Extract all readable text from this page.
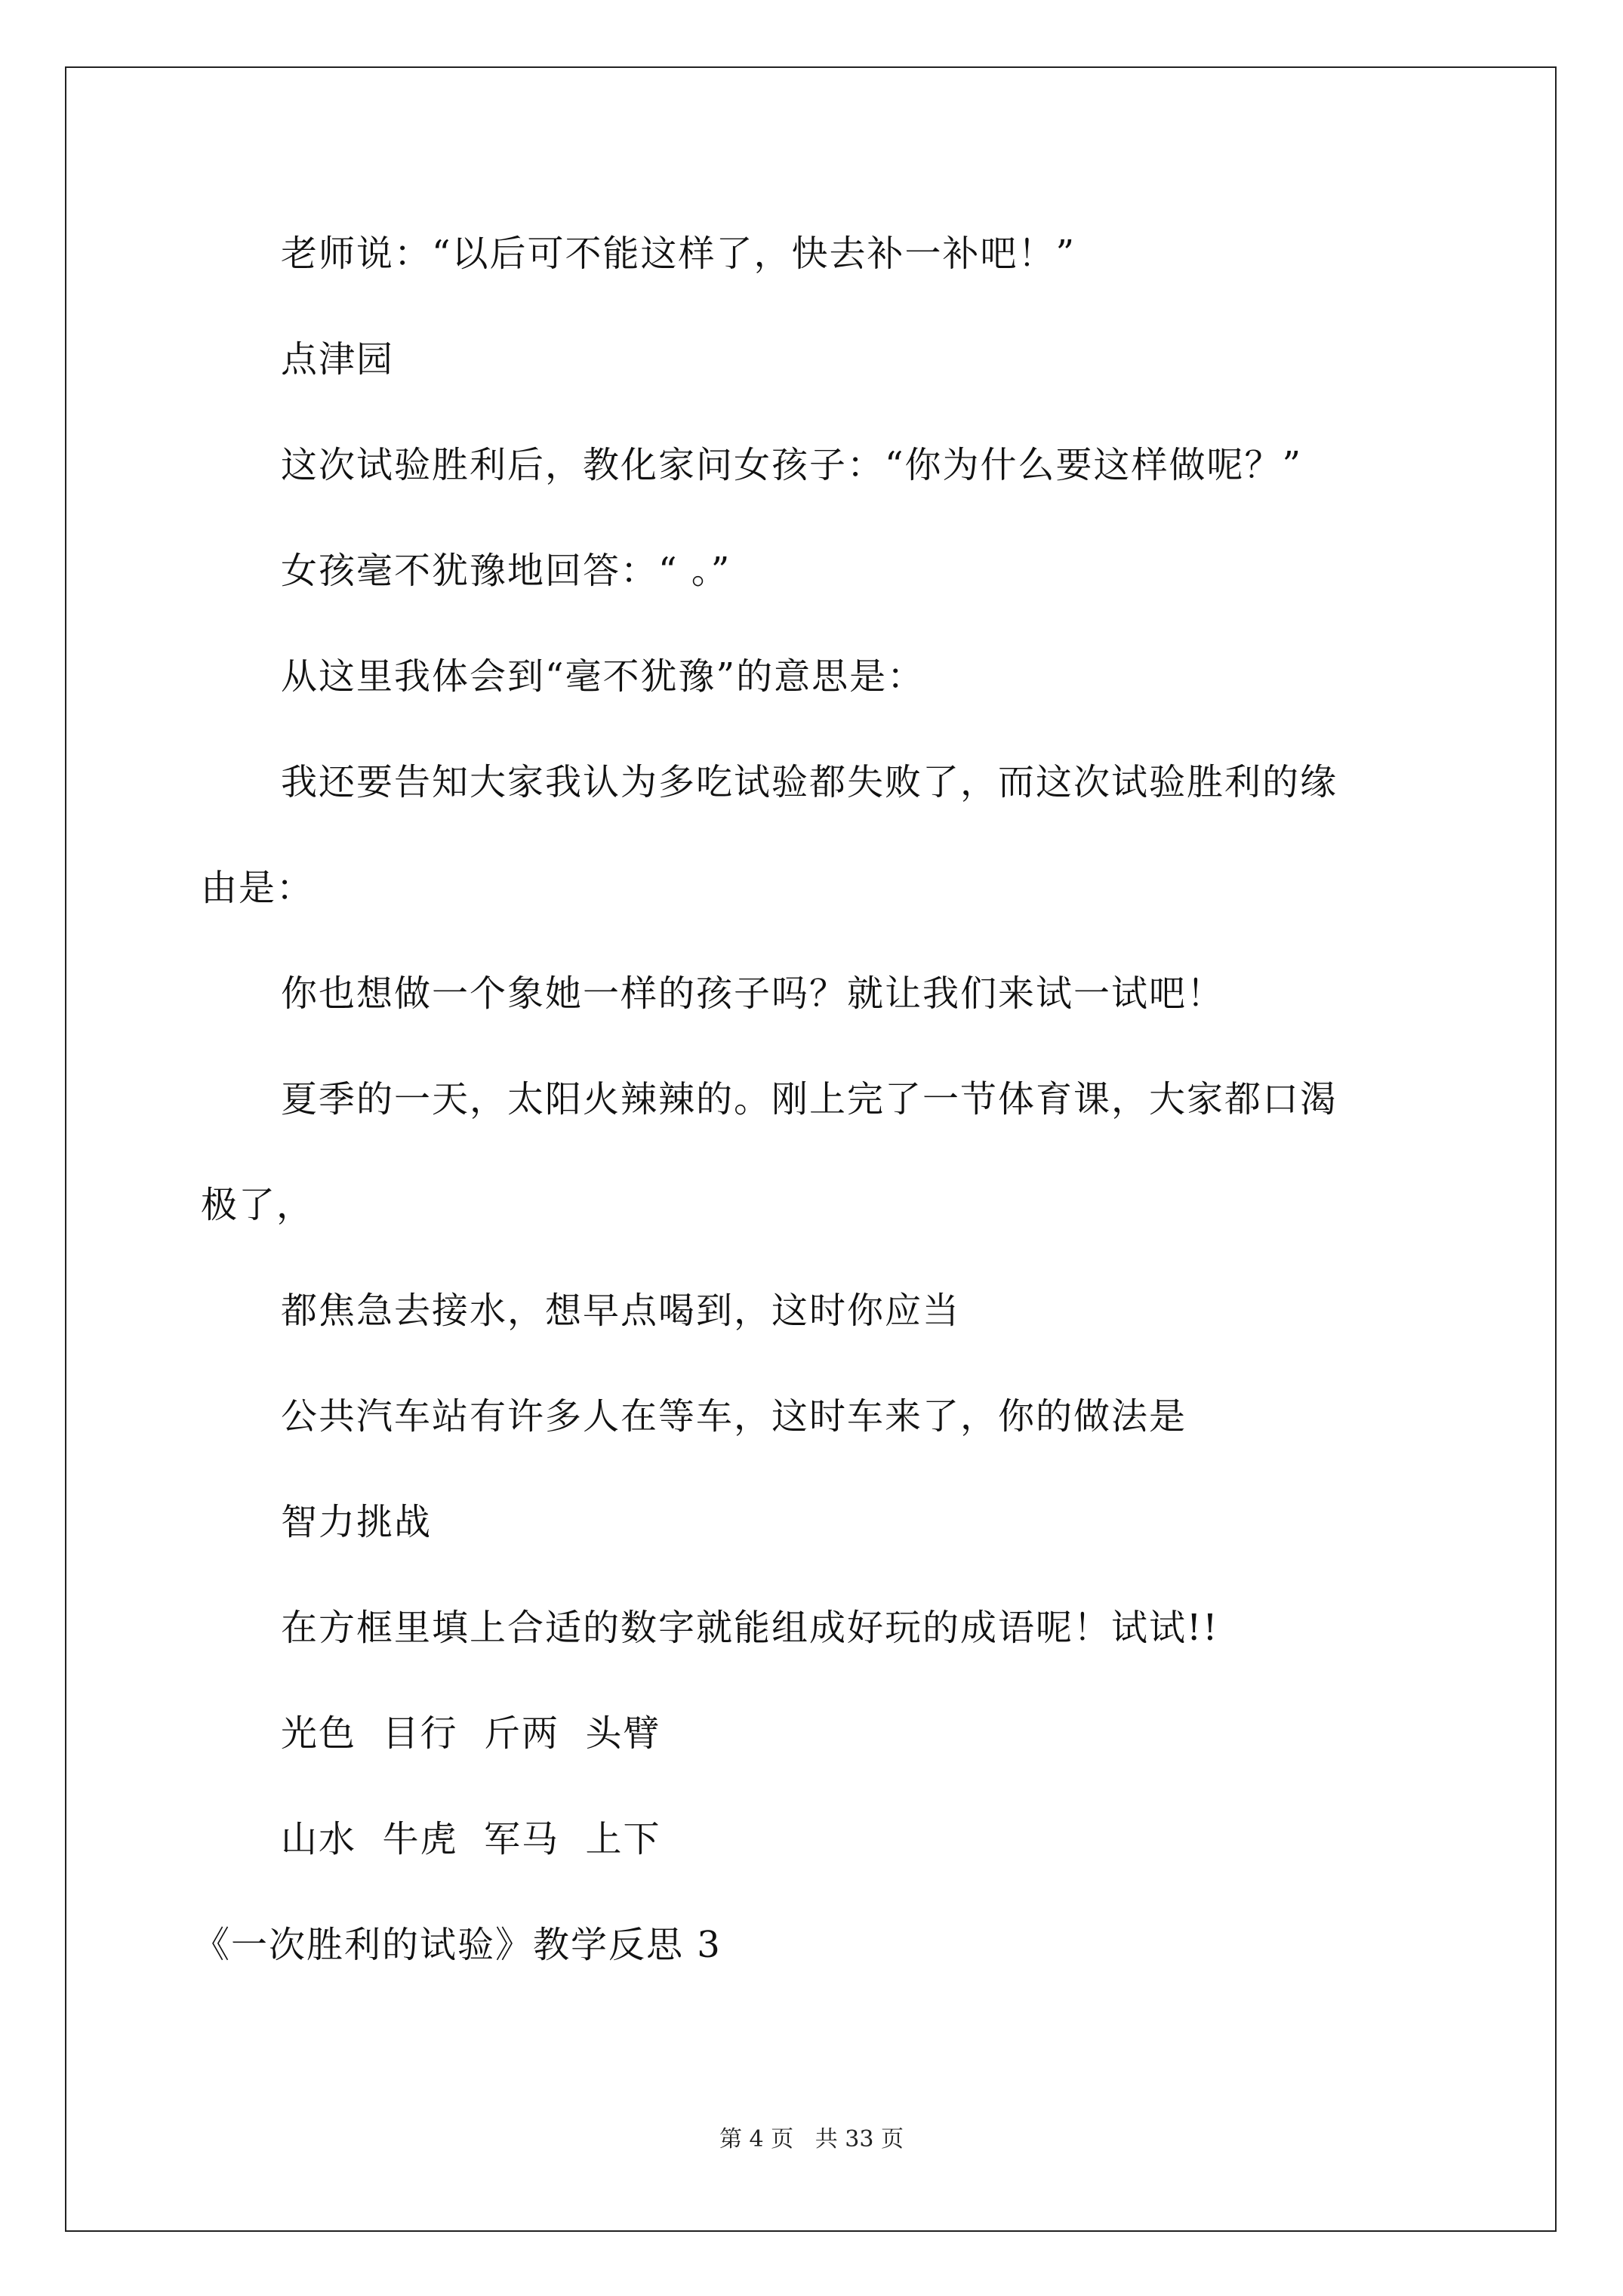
老师说：“以后可不能这样了，快去补一补吧！”
点津园
这次试验胜利后，教化家问女孩子：“你为什么要这样做呢？”
女孩毫不犹豫地回答：“ 。”
从这里我体会到“毫不犹豫”的意思是：
我还要告知大家我认为多吃试验都失败了，而这次试验胜利的缘
由是：
你也想做一个象她一样的孩子吗？就让我们来试一试吧！
夏季的一天，太阳火辣辣的。刚上完了一节体育课，大家都口渴
极了，
都焦急去接水，想早点喝到，这时你应当
公共汽车站有许多人在等车，这时车来了，你的做法是
智力挑战
在方框里填上合适的数字就能组成好玩的成语呢！试试!!
光色  目行  斤两  头臂
山水  牛虎  军马  上下
《一次胜利的试验》教学反思 3
第 4 页   共 33 页
